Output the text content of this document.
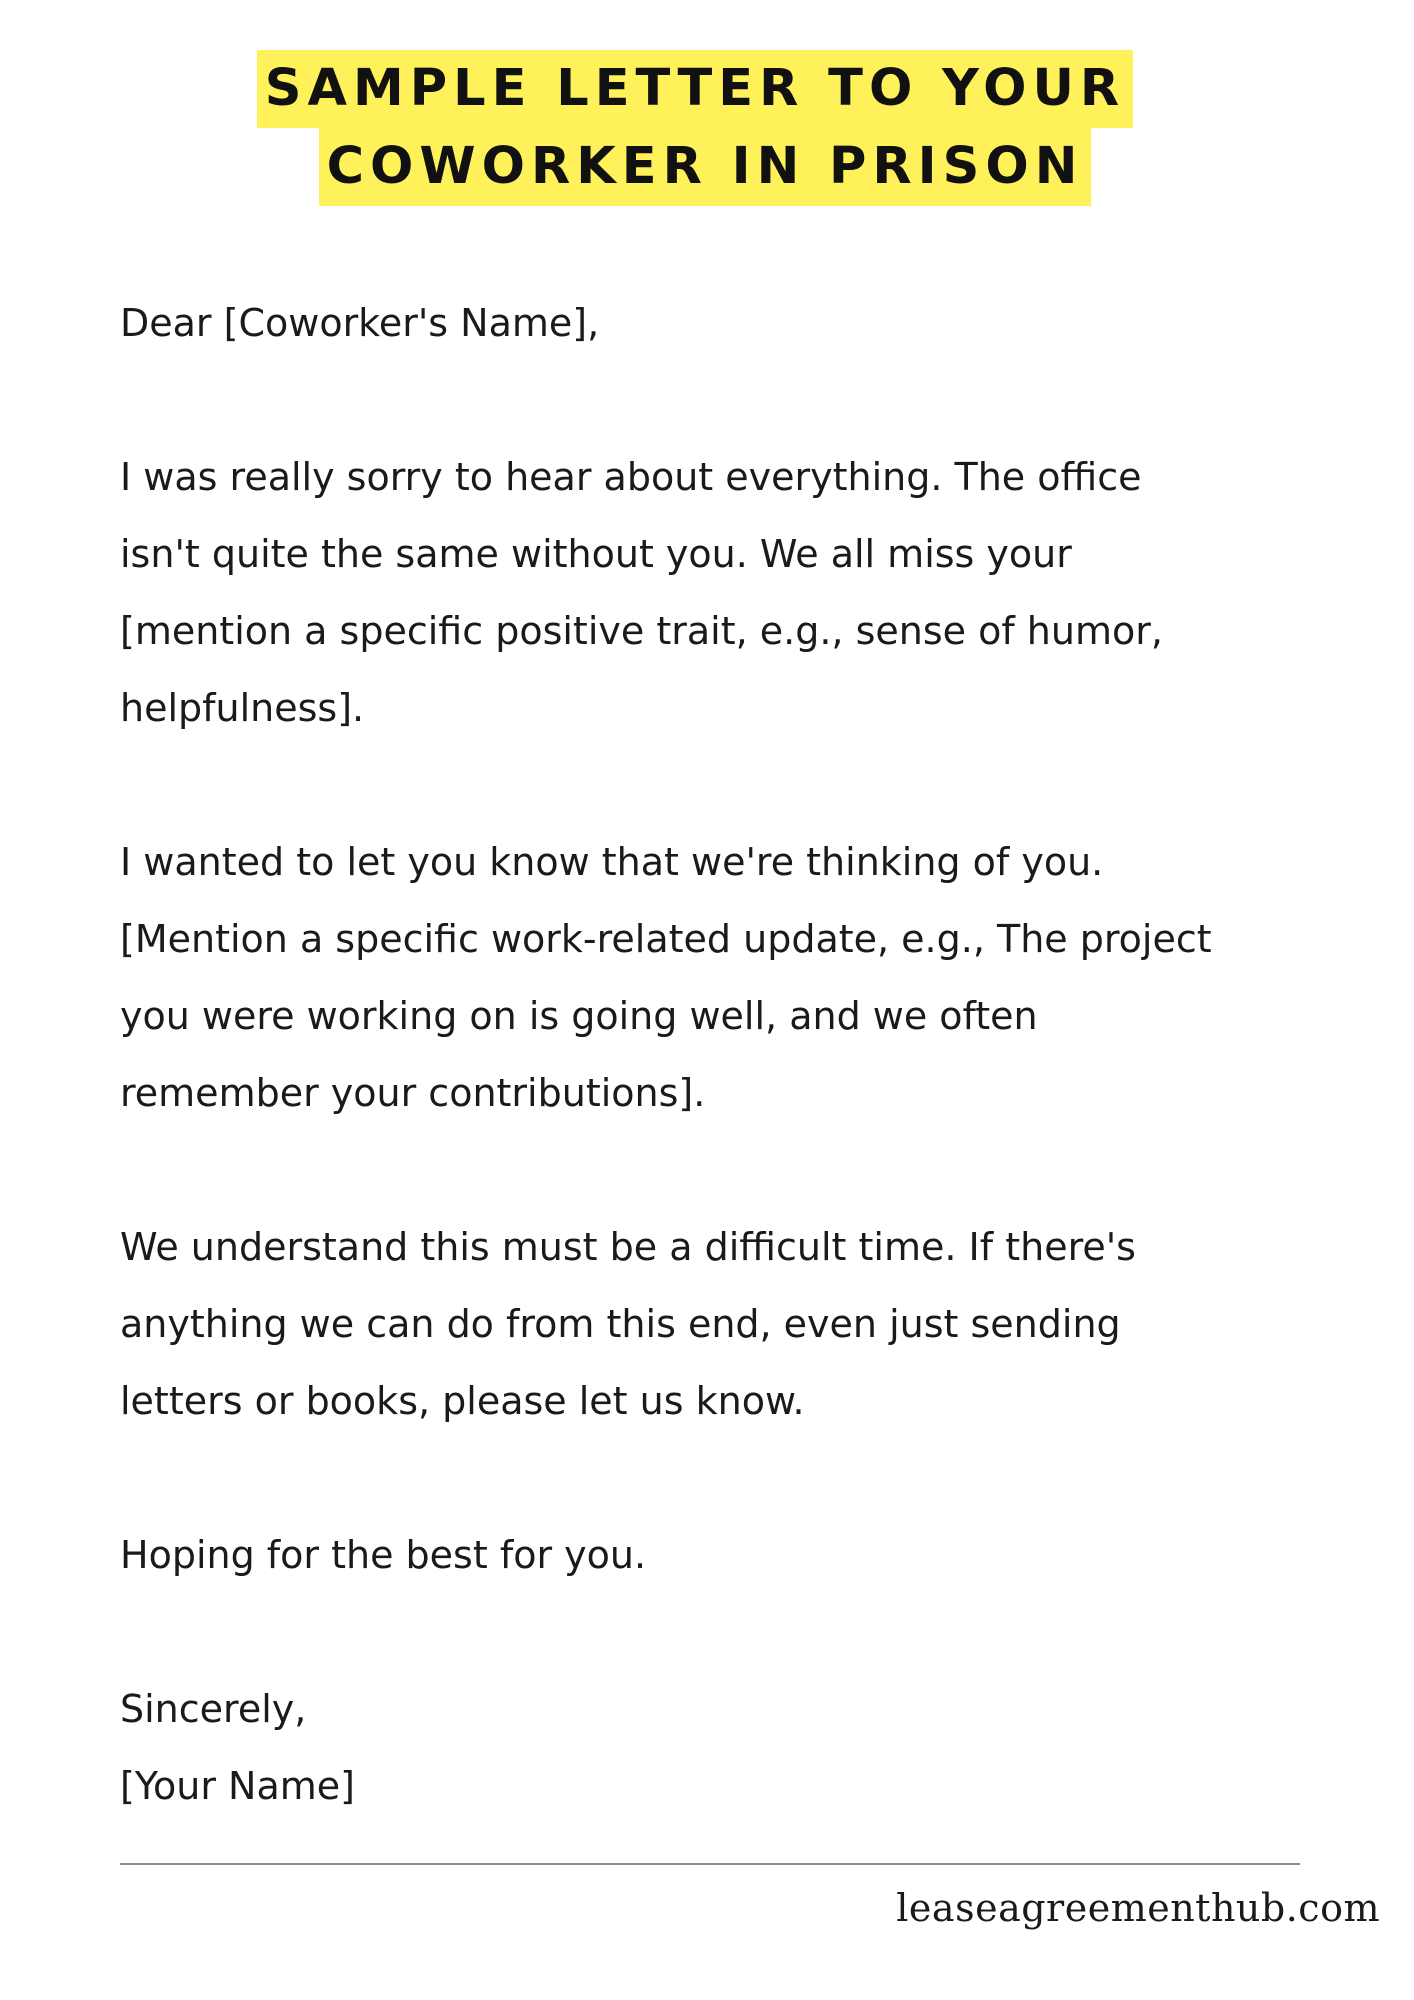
SAMPLE LETTER TO YOUR
COWORKER IN PRISON

Dear [Coworker's Name],

I was really sorry to hear about everything. The office
isn't quite the same without you. We all miss your
[mention a specific positive trait, e.g., sense of humor,
helpfulness].

I wanted to let you know that we're thinking of you.
[Mention a specific work-related update, e.g., The project
you were working on is going well, and we often
remember your contributions].

We understand this must be a difficult time. If there's
anything we can do from this end, even just sending
letters or books, please let us know.

Hoping for the best for you.

Sincerely,
[Your Name]

leaseagreementhub.com
